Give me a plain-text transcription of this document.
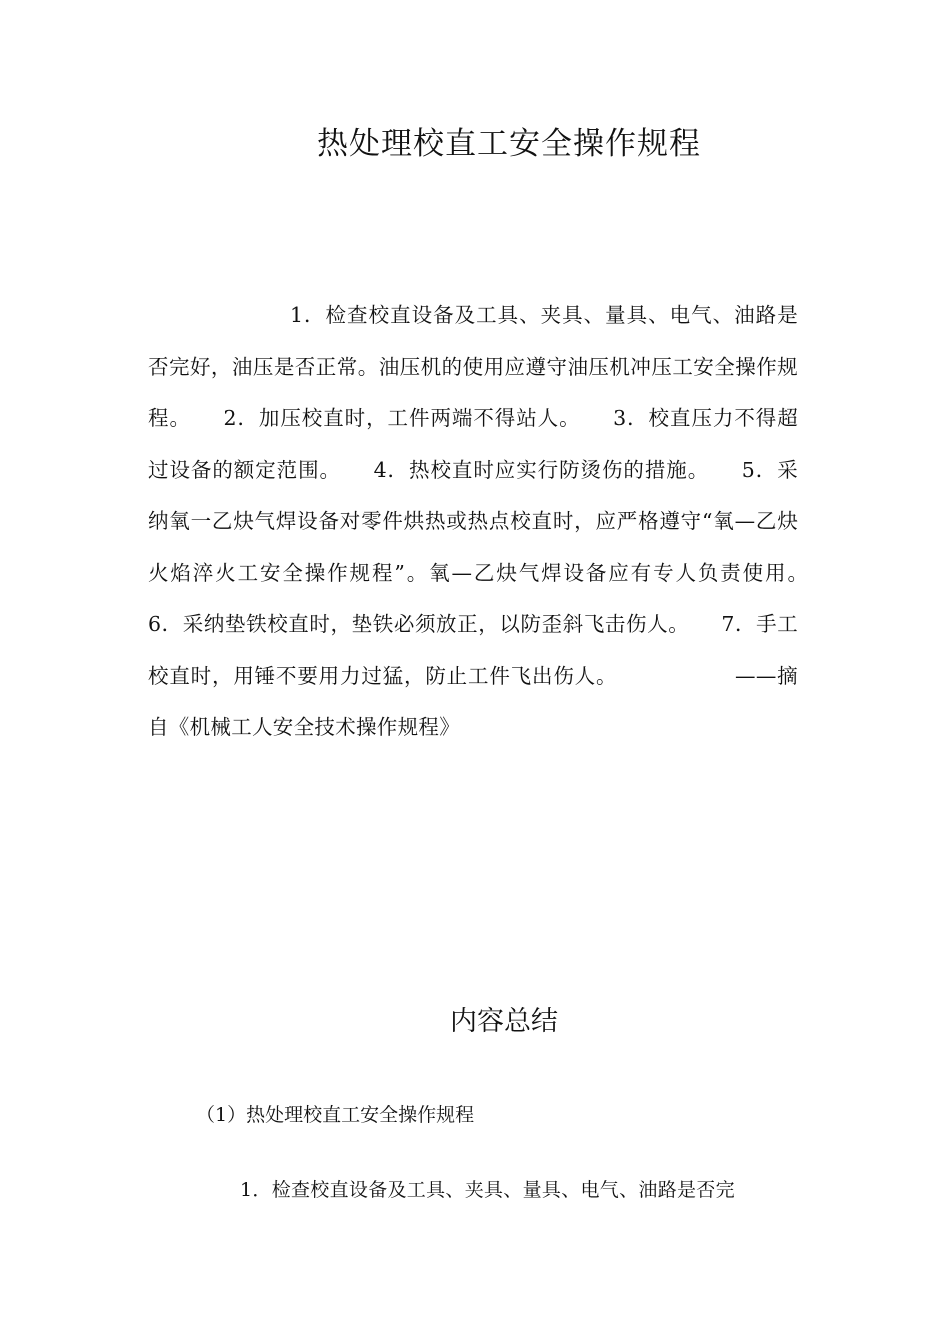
热处理校直工安全操作规程
1．检查校直设备及工具、夹具、量具、电气、油路是否完好，油压是否正常。油压机的使用应遵守油压机冲压工安全操作规程。　　2．加压校直时，工件两端不得站人。　　3．校直压力不得超过设备的额定范围。　　4．热校直时应实行防烫伤的措施。　　5．采纳氧一乙炔气焊设备对零件烘热或热点校直时，应严格遵守“氧—乙炔火焰淬火工安全操作规程”。氧—乙炔气焊设备应有专人负责使用。　　6．采纳垫铁校直时，垫铁必须放正，以防歪斜飞击伤人。　　7．手工校直时，用锤不要用力过猛，防止工件飞出伤人。　　　　　　——摘自《机械工人安全技术操作规程》
内容总结
（1）热处理校直工安全操作规程
1．检查校直设备及工具、夹具、量具、电气、油路是否完
